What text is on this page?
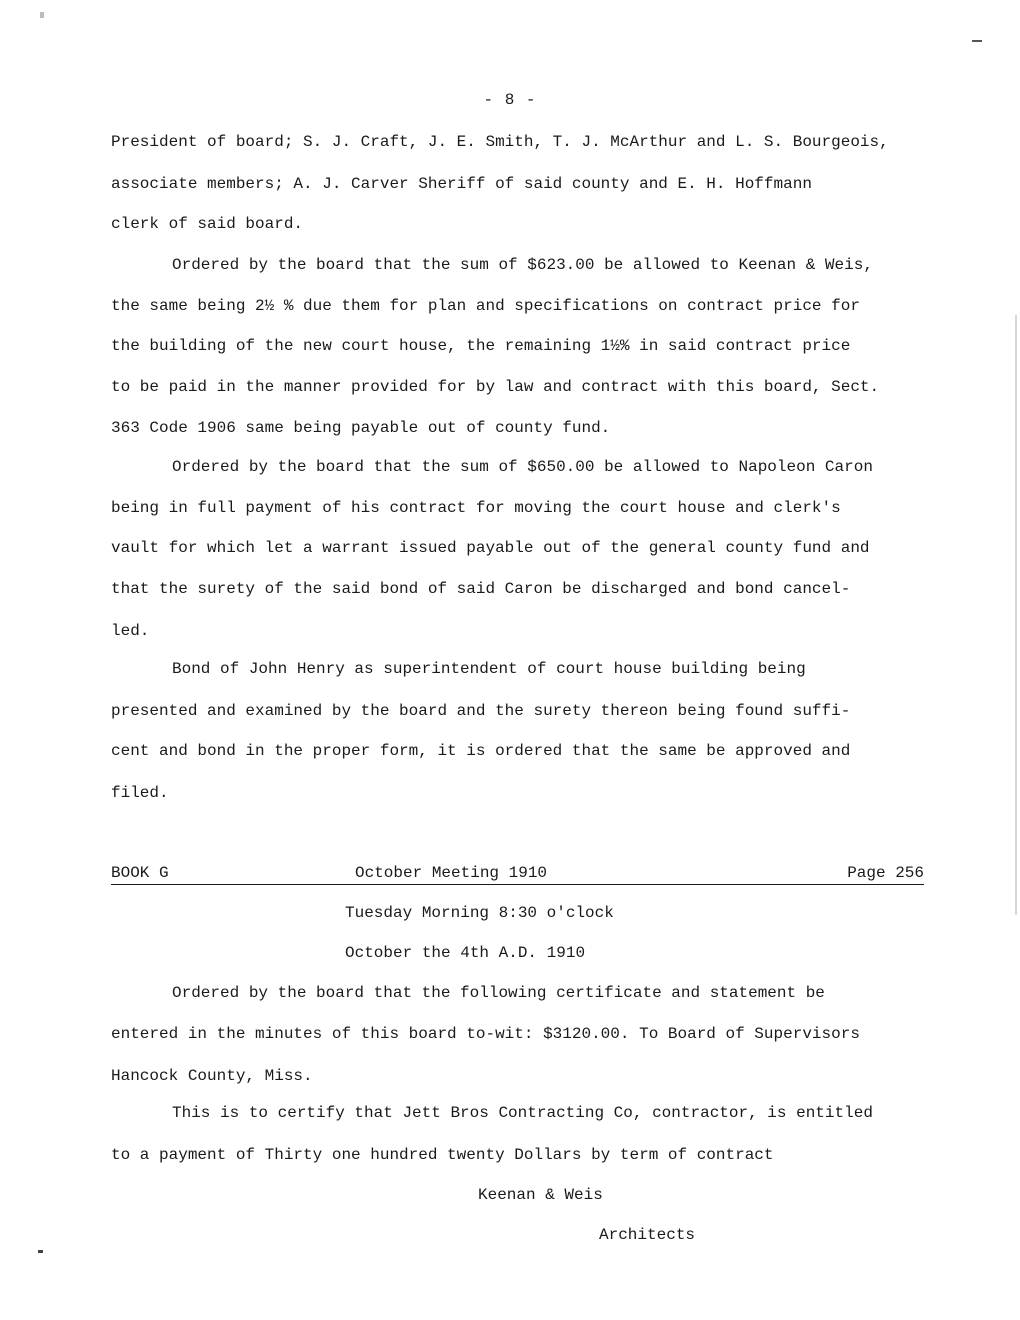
- 8 -
President of board; S. J. Craft, J. E. Smith, T. J. McArthur and L. S. Bourgeois,
associate members; A. J. Carver Sheriff of said county and E. H. Hoffmann
clerk of said board.
Ordered by the board that the sum of $623.00 be allowed to Keenan & Weis,
the same being 2½ % due them for plan and specifications on contract price for
the building of the new court house, the remaining 1½% in said contract price
to be paid in the manner provided for by law and contract with this board, Sect.
363 Code 1906 same being payable out of county fund.
Ordered by the board that the sum of $650.00 be allowed to Napoleon Caron
being in full payment of his contract for moving the court house and clerk's
vault for which let a warrant issued payable out of the general county fund and
that the surety of the said bond of said Caron be discharged and bond cancel-
led.
Bond of John Henry as superintendent of court house building being
presented and examined by the board and the surety thereon being found suffi-
cent and bond in the proper form, it is ordered that the same be approved and
filed.
BOOK G	October Meeting 1910	Page 256
Tuesday Morning 8:30 o'clock
October the 4th A.D. 1910
Ordered by the board that the following certificate and statement be
entered in the minutes of this board to-wit: $3120.00. To Board of Supervisors
Hancock County, Miss.
This is to certify that Jett Bros Contracting Co, contractor, is entitled
to a payment of Thirty one hundred twenty Dollars by term of contract
Keenan & Weis
Architects
